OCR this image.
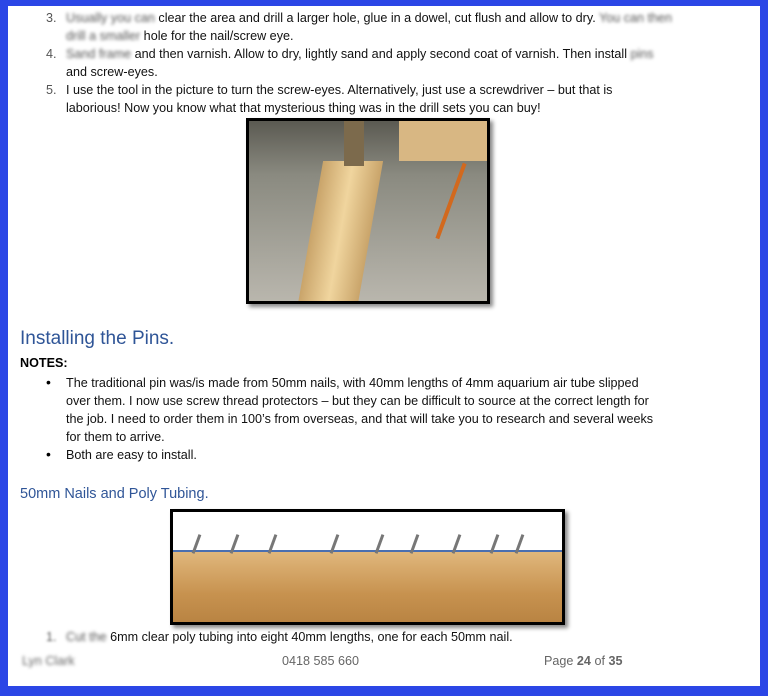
3. Usually you can clear the area and drill a larger hole, glue in a dowel, cut flush and allow to dry. You can then
drill a smaller hole for the nail/screw eye.
4. Sand frame and then varnish. Allow to dry, lightly sand and apply second coat of varnish. Then install pins
and screw-eyes.
5. I use the tool in the picture to turn the screw-eyes. Alternatively, just use a screwdriver – but that is
laborious! Now you know what that mysterious thing was in the drill sets you can buy!
Installing the Pins.
NOTES:
• The traditional pin was/is made from 50mm nails, with 40mm lengths of 4mm aquarium air tube slipped
over them. I now use screw thread protectors – but they can be difficult to source at the correct length for
the job. I need to order them in 100’s from overseas, and that will take you to research and several weeks
for them to arrive.
• Both are easy to install.
50mm Nails and Poly Tubing.
1. Cut the 6mm clear poly tubing into eight 40mm lengths, one for each 50mm nail.
Lyn Clark	0418 585 660	Page 24 of 35
